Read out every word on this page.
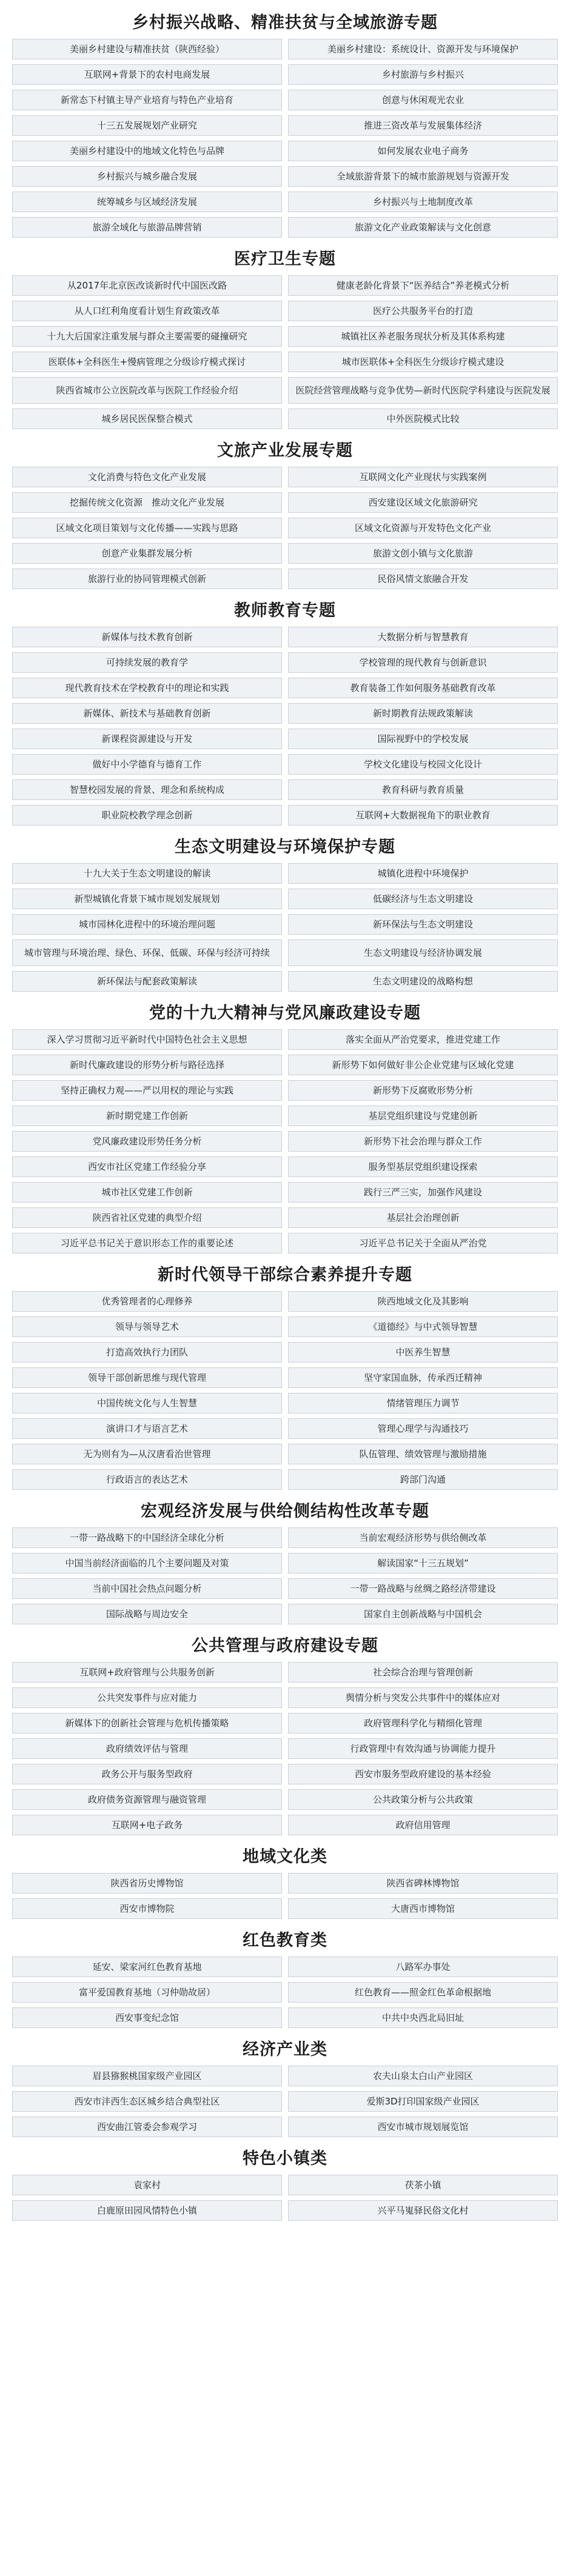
乡村振兴战略、精准扶贫与全域旅游专题
美丽乡村建设与精准扶贫（陕西经验）	美丽乡村建设：系统设计、资源开发与环境保护
互联网+背景下的农村电商发展	乡村旅游与乡村振兴
新常态下村镇主导产业培育与特色产业培育	创意与休闲观光农业
十三五发展规划产业研究	推进三资改革与发展集体经济
美丽乡村建设中的地域文化特色与品牌	如何发展农业电子商务
乡村振兴与城乡融合发展	全域旅游背景下的城市旅游规划与资源开发
统筹城乡与区域经济发展	乡村振兴与土地制度改革
旅游全域化与旅游品牌营销	旅游文化产业政策解读与文化创意
医疗卫生专题
从2017年北京医改谈新时代中国医改路	健康老龄化背景下“医养结合”养老模式分析
从人口红利角度看计划生育政策改革	医疗公共服务平台的打造
十九大后国家注重发展与群众主要需要的碰撞研究	城镇社区养老服务现状分析及其体系构建
医联体+全科医生+慢病管理之分级诊疗模式探讨	城市医联体+全科医生分级诊疗模式建设
陕西省城市公立医院改革与医院工作经验介绍	医院经营管理战略与竞争优势—新时代医院学科建设与医院发展
城乡居民医保整合模式	中外医院模式比较
文旅产业发展专题
文化消费与特色文化产业发展	互联网文化产业现状与实践案例
挖掘传统文化资源　推动文化产业发展	西安建设区域文化旅游研究
区域文化项目策划与文化传播——实践与思路	区域文化资源与开发特色文化产业
创意产业集群发展分析	旅游文创小镇与文化旅游
旅游行业的协同管理模式创新	民俗风情文旅融合开发
教师教育专题
新媒体与技术教育创新	大数据分析与智慧教育
可持续发展的教育学	学校管理的现代教育与创新意识
现代教育技术在学校教育中的理论和实践	教育装备工作如何服务基础教育改革
新媒体、新技术与基础教育创新	新时期教育法规政策解读
新课程资源建设与开发	国际视野中的学校发展
做好中小学德育与德育工作	学校文化建设与校园文化设计
智慧校园发展的背景、理念和系统构成	教育科研与教育质量
职业院校教学理念创新	互联网+大数据视角下的职业教育
生态文明建设与环境保护专题
十九大关于生态文明建设的解读	城镇化进程中环境保护
新型城镇化背景下城市规划发展规划	低碳经济与生态文明建设
城市园林化进程中的环境治理问题	新环保法与生态文明建设
城市管理与环境治理、绿色、环保、低碳、环保与经济可持续	生态文明建设与经济协调发展
新环保法与配套政策解读	生态文明建设的战略构想
党的十九大精神与党风廉政建设专题
深入学习贯彻习近平新时代中国特色社会主义思想	落实全面从严治党要求，推进党建工作
新时代廉政建设的形势分析与路径选择	新形势下如何做好非公企业党建与区域化党建
坚持正确权力观——严以用权的理论与实践	新形势下反腐败形势分析
新时期党建工作创新	基层党组织建设与党建创新
党风廉政建设形势任务分析	新形势下社会治理与群众工作
西安市社区党建工作经验分享	服务型基层党组织建设探索
城市社区党建工作创新	践行三严三实，加强作风建设
陕西省社区党建的典型介绍	基层社会治理创新
习近平总书记关于意识形态工作的重要论述	习近平总书记关于全面从严治党
新时代领导干部综合素养提升专题
优秀管理者的心理修养	陕西地域文化及其影响
领导与领导艺术	《道德经》与中式领导智慧
打造高效执行力团队	中医养生智慧
领导干部创新思维与现代管理	坚守家国血脉，传承西迁精神
中国传统文化与人生智慧	情绪管理压力调节
演讲口才与语言艺术	管理心理学与沟通技巧
无为则有为—从汉唐看治世管理	队伍管理、绩效管理与激励措施
行政语言的表达艺术	跨部门沟通
宏观经济发展与供给侧结构性改革专题
一带一路战略下的中国经济全球化分析	当前宏观经济形势与供给侧改革
中国当前经济面临的几个主要问题及对策	解读国家“十三五规划”
当前中国社会热点问题分析	一带一路战略与丝绸之路经济带建设
国际战略与周边安全	国家自主创新战略与中国机会
公共管理与政府建设专题
互联网+政府管理与公共服务创新	社会综合治理与管理创新
公共突发事件与应对能力	舆情分析与突发公共事件中的媒体应对
新媒体下的创新社会管理与危机传播策略	政府管理科学化与精细化管理
政府绩效评估与管理	行政管理中有效沟通与协调能力提升
政务公开与服务型政府	西安市服务型政府建设的基本经验
政府债务资源管理与融资管理	公共政策分析与公共政策
互联网+电子政务	政府信用管理
地域文化类
陕西省历史博物馆	陕西省碑林博物馆
西安市博物院	大唐西市博物馆
红色教育类
延安、梁家河红色教育基地	八路军办事处
富平爱国教育基地（习仲勋故居）	红色教育——照金红色革命根据地
西安事变纪念馆	中共中央西北局旧址
经济产业类
眉县猕猴桃国家级产业园区	农夫山泉太白山产业园区
西安市沣西生态区城乡结合典型社区	爱斯3D打印国家级产业园区
西安曲江管委会参观学习	西安市城市规划展览馆
特色小镇类
袁家村	茯茶小镇
白鹿原田园风情特色小镇	兴平马嵬驿民俗文化村
